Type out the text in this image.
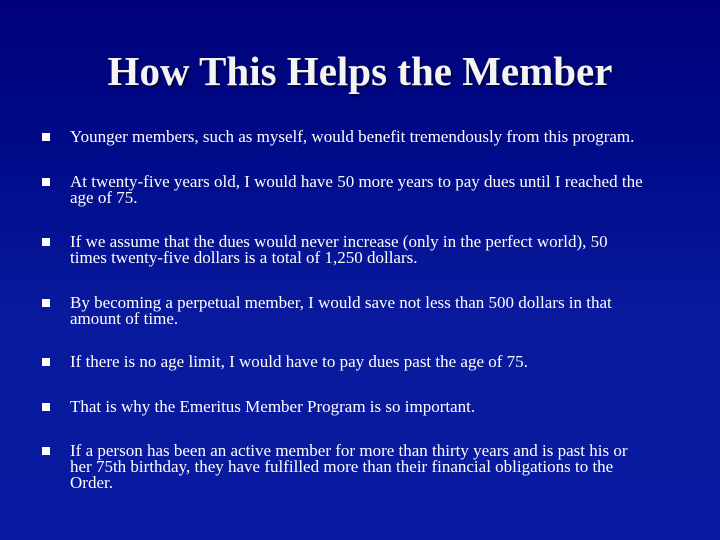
How This Helps the Member
Younger members, such as myself, would benefit tremendously from this program.
At twenty-five years old, I would have 50 more years to pay dues until I reached the
age of 75.
If we assume that the dues would never increase (only in the perfect world), 50
times twenty-five dollars is a total of 1,250 dollars.
By becoming a perpetual member, I would save not less than 500 dollars in that
amount of time.
If there is no age limit, I would have to pay dues past the age of 75.
That is why the Emeritus Member Program is so important.
If a person has been an active member for more than thirty years and is past his or
her 75th birthday, they have fulfilled more than their financial obligations to the
Order.
